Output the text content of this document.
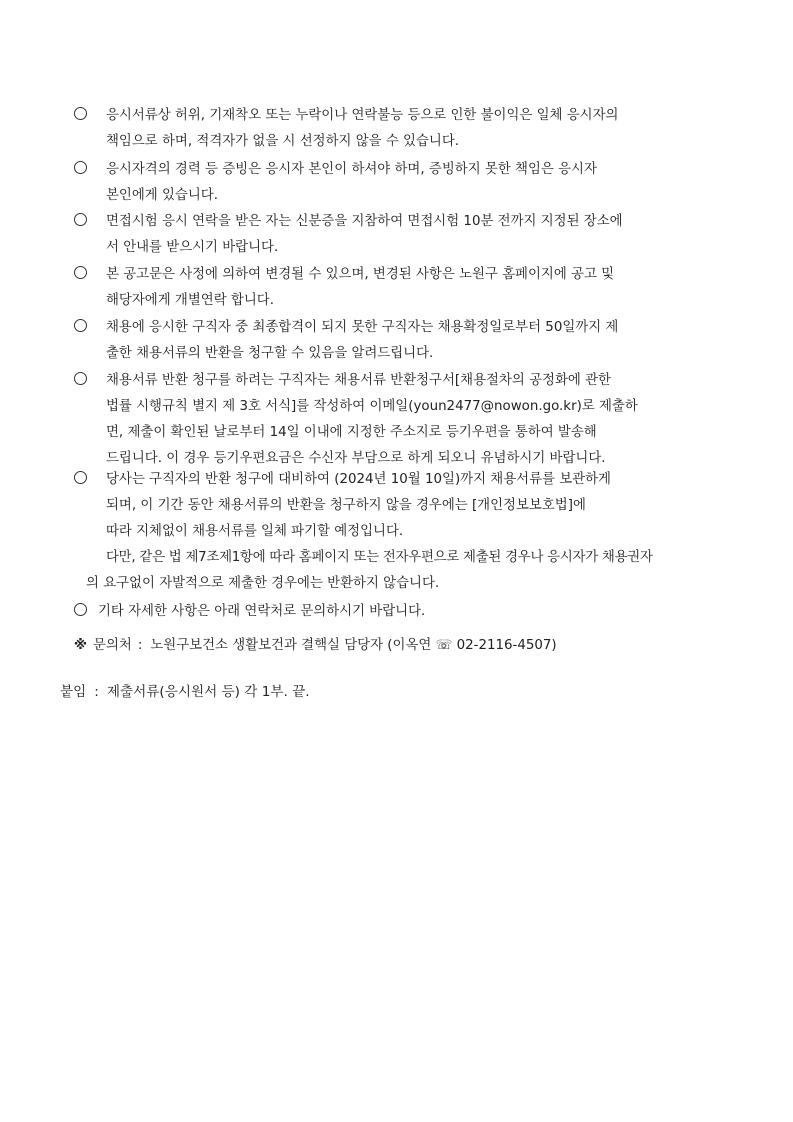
응시서류상 허위, 기재착오 또는 누락이나 연락불능 등으로 인한 불이익은 일체 응시자의
책임으로 하며, 적격자가 없을 시 선정하지 않을 수 있습니다.
응시자격의 경력 등 증빙은 응시자 본인이 하셔야 하며, 증빙하지 못한 책임은 응시자
본인에게 있습니다.
면접시험 응시 연락을 받은 자는 신분증을 지참하여 면접시험 10분 전까지 지정된 장소에
서 안내를 받으시기 바랍니다.
본 공고문은 사정에 의하여 변경될 수 있으며, 변경된 사항은 노원구 홈페이지에 공고 및
해당자에게 개별연락 합니다.
채용에 응시한 구직자 중 최종합격이 되지 못한 구직자는 채용확정일로부터 50일까지 제
출한 채용서류의 반환을 청구할 수 있음을 알려드립니다.
채용서류 반환 청구를 하려는 구직자는 채용서류 반환청구서[채용절차의 공정화에 관한
법률 시행규칙 별지 제 3호 서식]를 작성하여 이메일(youn2477@nowon.go.kr)로 제출하
면, 제출이 확인된 날로부터 14일 이내에 지정한 주소지로 등기우편을 통하여 발송해
드립니다. 이 경우 등기우편요금은 수신자 부담으로 하게 되오니 유념하시기 바랍니다.
당사는 구직자의 반환 청구에 대비하여 (2024년 10월 10일)까지 채용서류를 보관하게
되며, 이 기간 동안 채용서류의 반환을 청구하지 않을 경우에는 [개인정보보호법]에
따라 지체없이 채용서류를 일체 파기할 예정입니다.
다만, 같은 법 제7조제1항에 따라 홈페이지 또는 전자우편으로 제출된 경우나 응시자가 채용권자
의 요구없이 자발적으로 제출한 경우에는 반환하지 않습니다.
기타 자세한 사항은 아래 연락처로 문의하시기 바랍니다.
※ 문의처 : 노원구보건소 생활보건과 결핵실 담당자 (이옥연 ☏ 02-2116-4507)
붙임 : 제출서류(응시원서 등) 각 1부. 끝.
